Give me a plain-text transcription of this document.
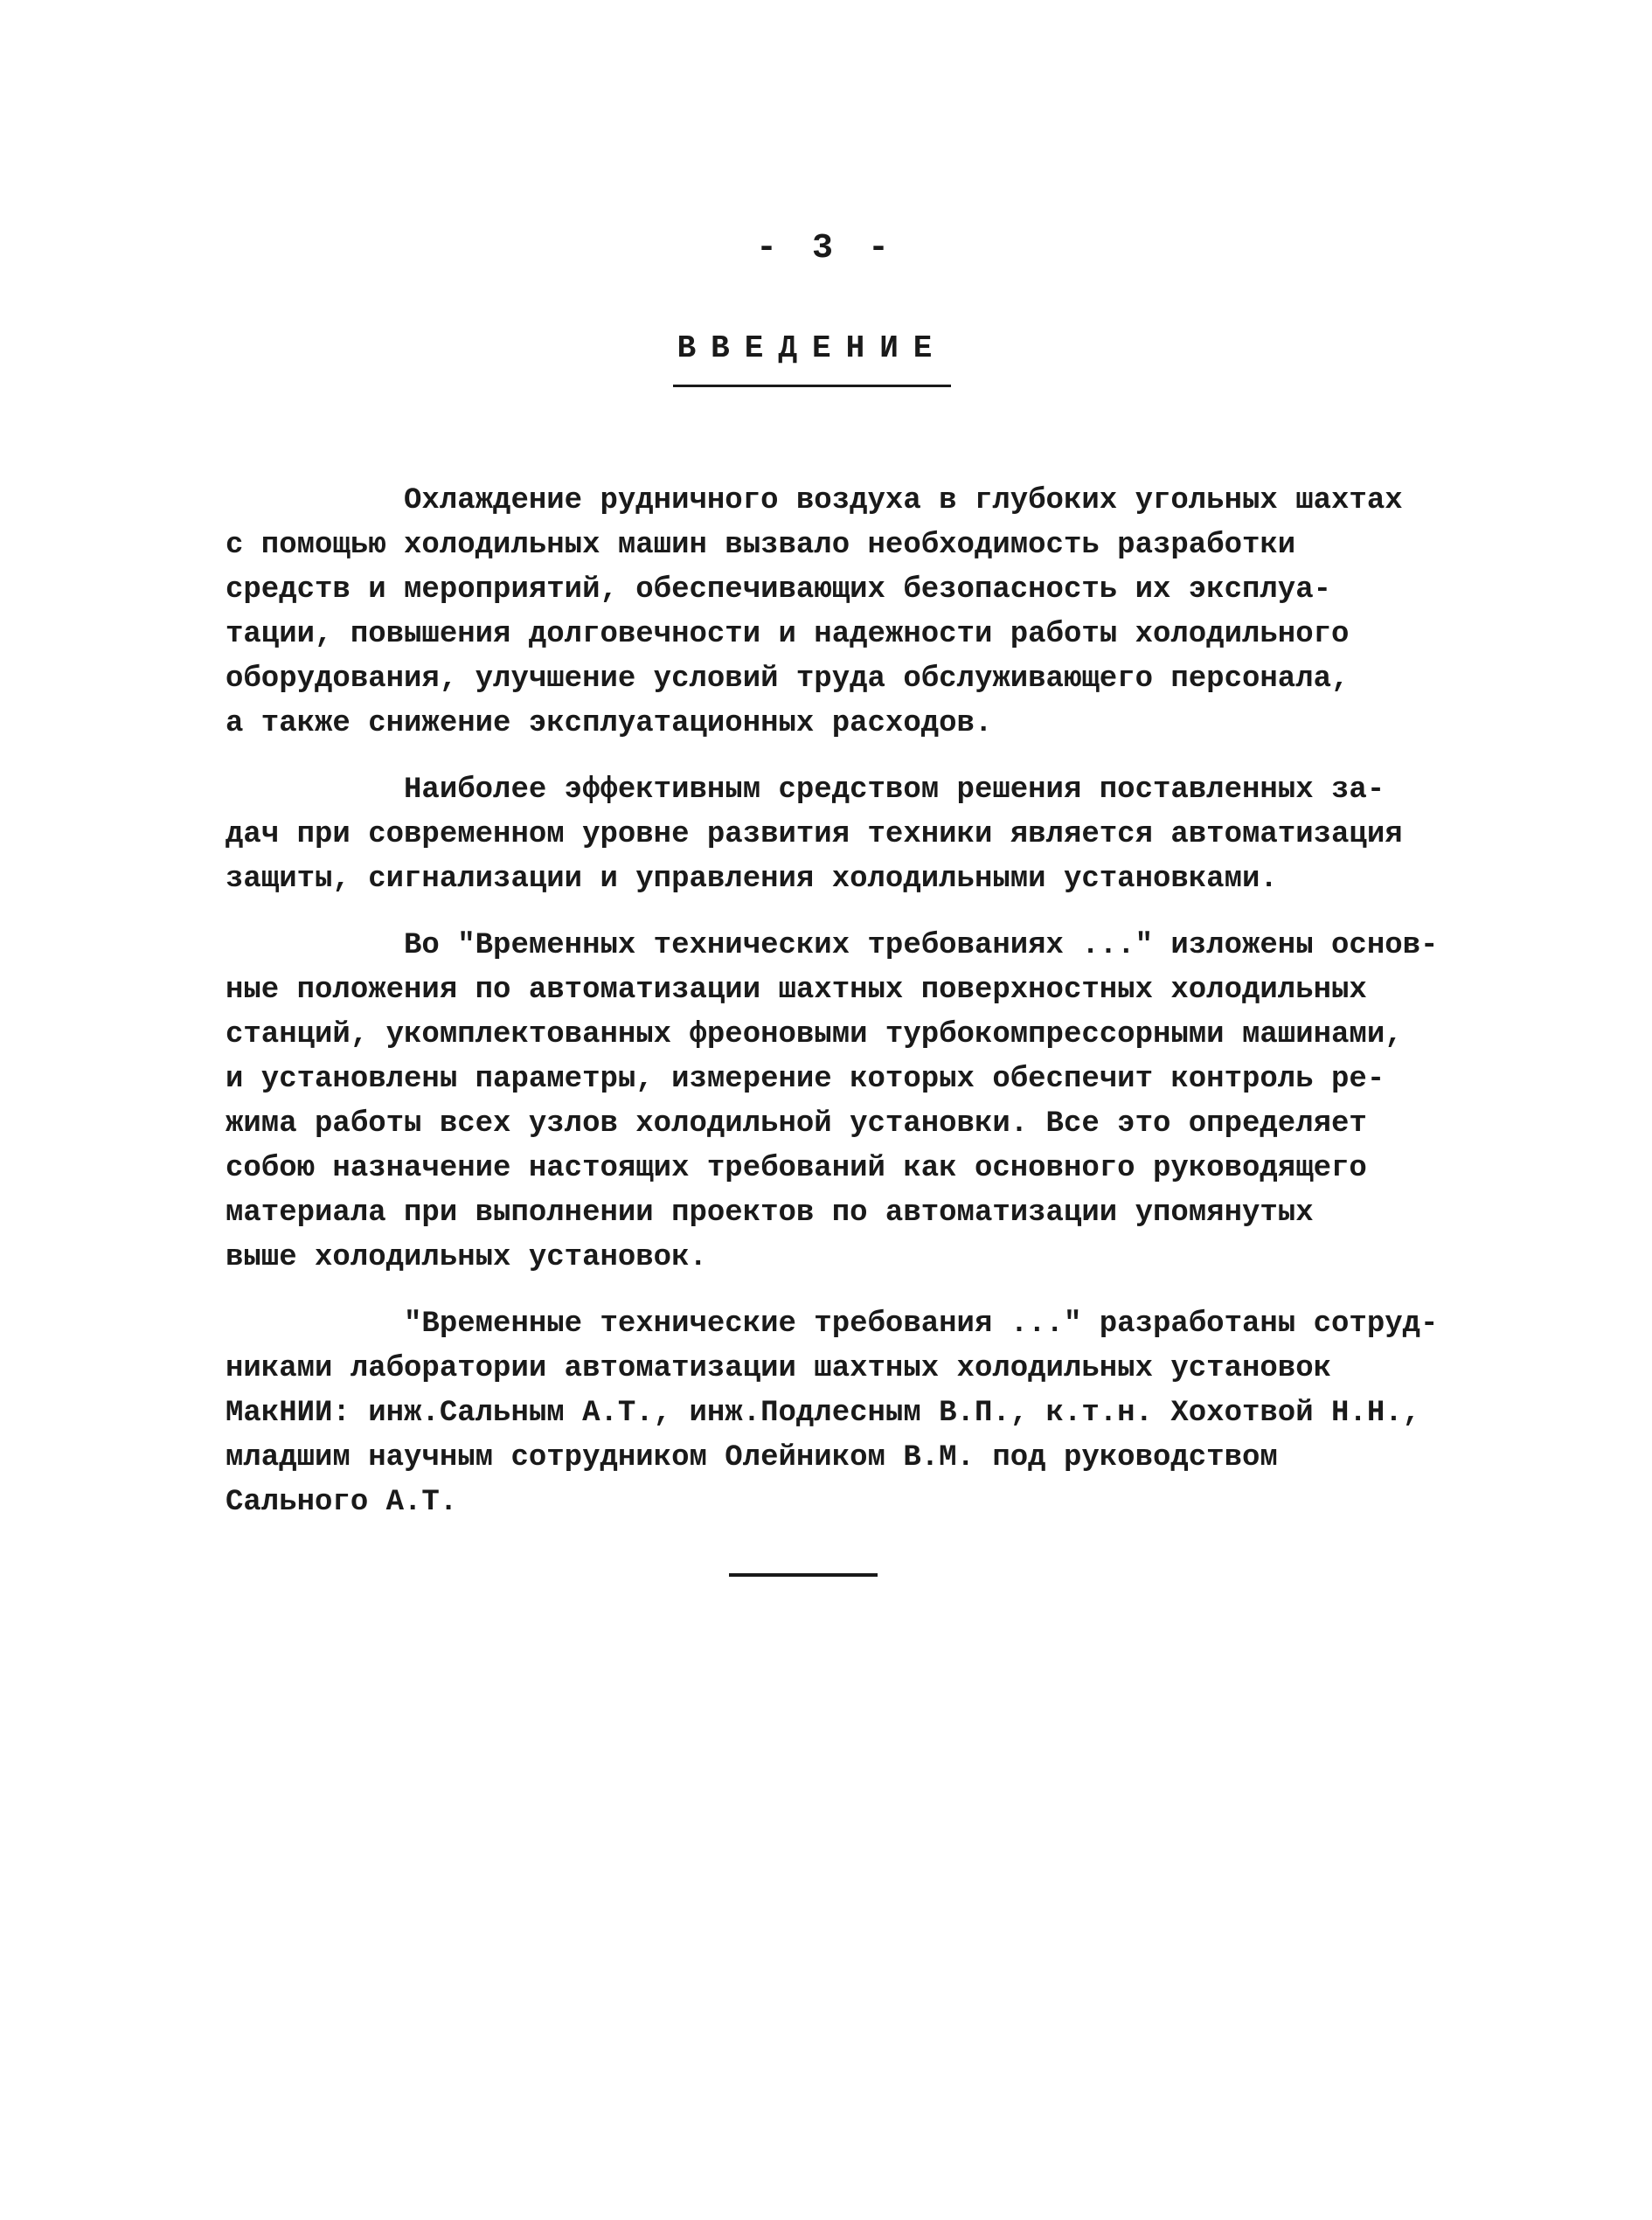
- 3 -
ВВЕДЕНИЕ

Охлаждение рудничного воздуха в глубоких угольных шахтах
с помощью холодильных машин вызвало необходимость разработки
средств и мероприятий, обеспечивающих безопасность их эксплуа-
тации, повышения долговечности и надежности работы холодильного
оборудования, улучшение условий труда обслуживающего персонала,
а также снижение эксплуатационных расходов.

Наиболее эффективным средством решения поставленных за-
дач при современном уровне развития техники является автоматизация
защиты, сигнализации и управления холодильными установками.

Во "Временных технических требованиях ..." изложены основ-
ные положения по автоматизации шахтных поверхностных холодильных
станций, укомплектованных фреоновыми турбокомпрессорными машинами,
и установлены параметры, измерение которых обеспечит контроль ре-
жима работы всех узлов холодильной установки. Все это определяет
собою назначение настоящих требований как основного руководящего
материала при выполнении проектов по автоматизации упомянутых
выше холодильных установок.

"Временные технические требования ..." разработаны сотруд-
никами лаборатории автоматизации шахтных холодильных установок
МакНИИ: инж.Сальным А.Т., инж.Подлесным В.П., к.т.н. Хохотвой Н.Н.,
младшим научным сотрудником Олейником В.М. под руководством
Сального А.Т.
